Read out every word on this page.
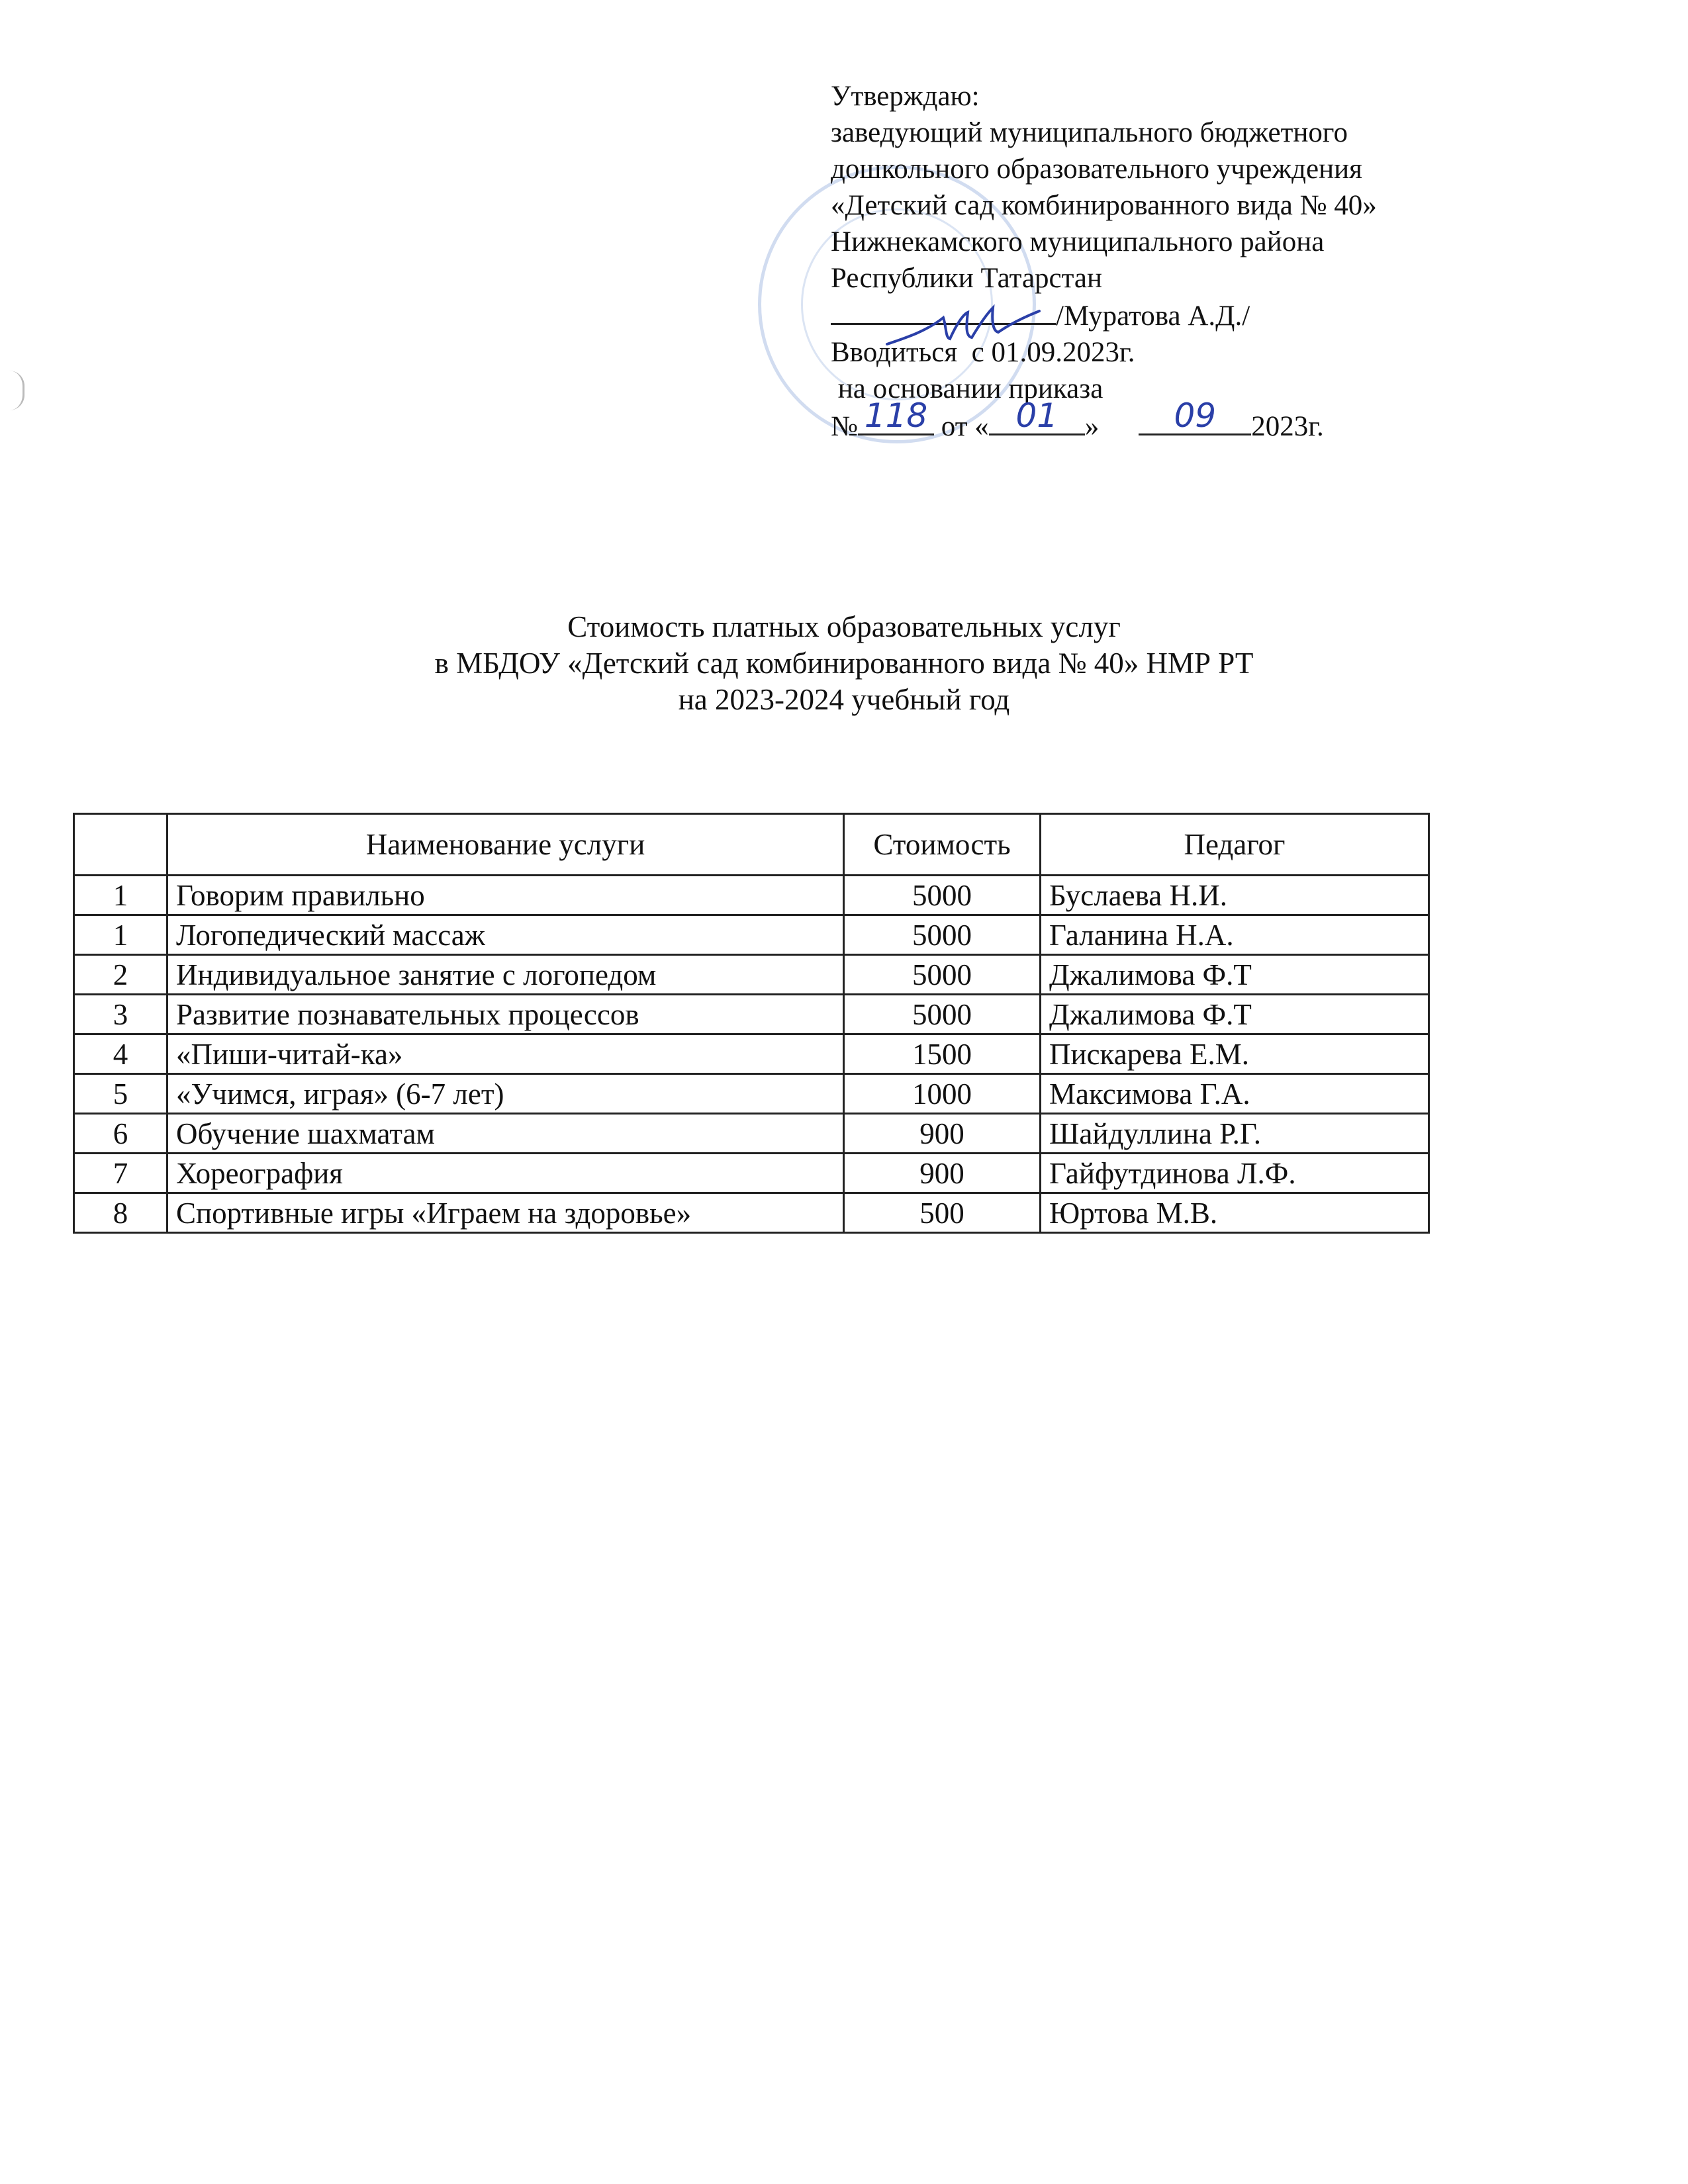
Утверждаю:
заведующий муниципального бюджетного
дошкольного образовательного учреждения
«Детский сад комбинированного вида № 40»
Нижнекамского муниципального района
Республики Татарстан
/Муратова А.Д./
Вводиться  с 01.09.2023г.
на основании приказа
№ 118 от « 01 »	09	2023г.
Стоимость платных образовательных услуг
в МБДОУ «Детский сад комбинированного вида № 40» НМР РТ
на 2023-2024 учебный год
	Наименование услуги	Стоимость	Педагог
1	Говорим правильно	5000	Буслаева Н.И.
1	Логопедический массаж	5000	Галанина Н.А.
2	Индивидуальное занятие с логопедом	5000	Джалимова Ф.Т
3	Развитие познавательных процессов	5000	Джалимова Ф.Т
4	«Пиши-читай-ка»	1500	Пискарева Е.М.
5	«Учимся, играя» (6-7 лет)	1000	Максимова Г.А.
6	Обучение шахматам	900	Шайдуллина Р.Г.
7	Хореография	900	Гайфутдинова Л.Ф.
8	Спортивные игры «Играем на здоровье»	500	Юртова М.В.
